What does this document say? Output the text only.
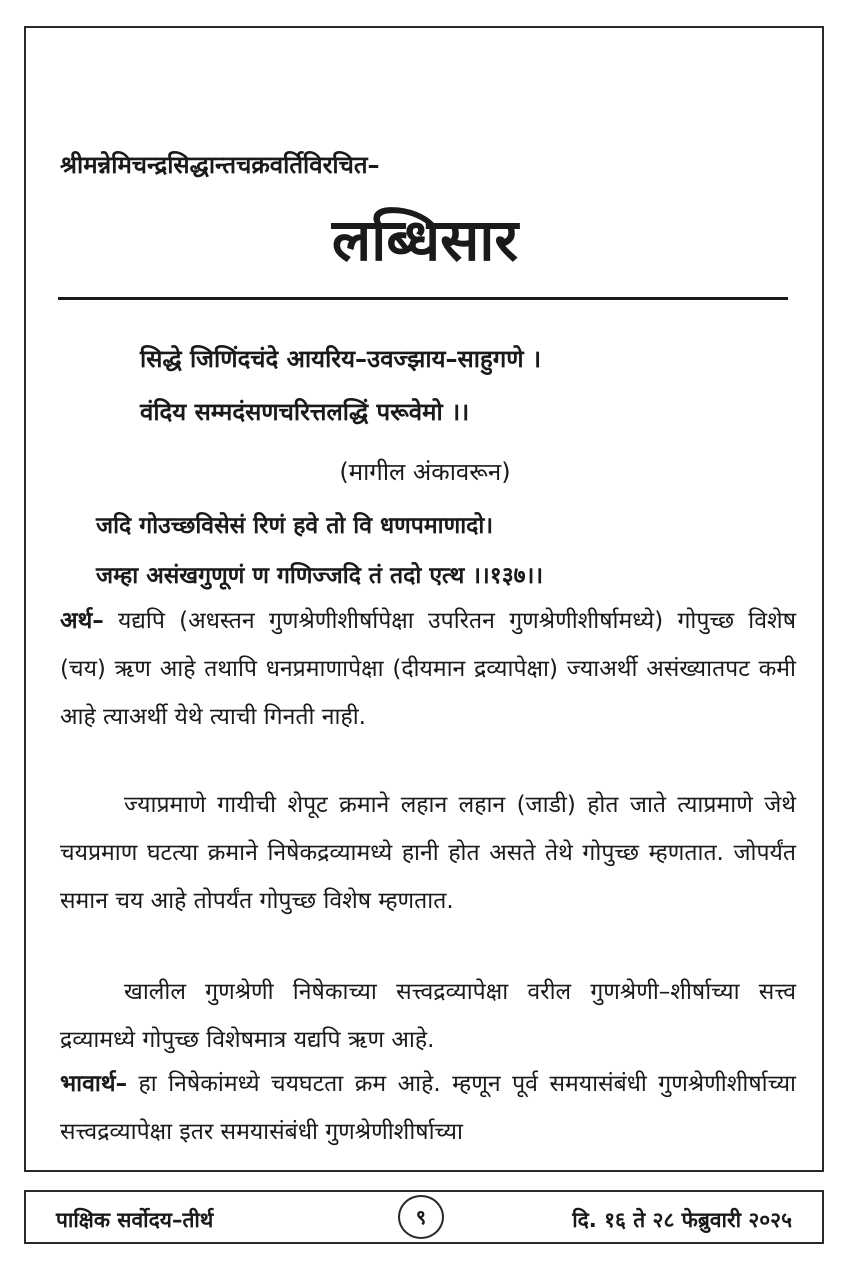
श्रीमन्नेमिचन्द्रसिद्धान्तचक्रवर्तिविरचित–
लब्धिसार
सिद्धे जिणिंदचंदे आयरिय–उवज्झाय–साहुगणे ।
वंदिय सम्मदंसणचरित्तलद्धिं परूवेमो ।।
(मागील अंकावरून)
जदि गोउच्छविसेसं रिणं हवे तो वि धणपमाणादो।
जम्हा असंखगुणूणं ण गणिज्जदि तं तदो एत्थ ।।१३७।।
अर्थ– यद्यपि (अधस्तन गुणश्रेणीशीर्षापेक्षा उपरितन गुणश्रेणीशीर्षामध्ये) गोपुच्छ विशेष (चय) ऋण आहे तथापि धनप्रमाणापेक्षा (दीयमान द्रव्यापेक्षा) ज्याअर्थी असंख्यातपट कमी आहे त्याअर्थी येथे त्याची गिनती नाही.
ज्याप्रमाणे गायीची शेपूट क्रमाने लहान लहान (जाडी) होत जाते त्याप्रमाणे जेथे चयप्रमाण घटत्या क्रमाने निषेकद्रव्यामध्ये हानी होत असते तेथे गोपुच्छ म्हणतात. जोपर्यंत समान चय आहे तोपर्यंत गोपुच्छ विशेष म्हणतात.
खालील गुणश्रेणी निषेकाच्या सत्त्वद्रव्यापेक्षा वरील गुणश्रेणी–शीर्षाच्या सत्त्व द्रव्यामध्ये गोपुच्छ विशेषमात्र यद्यपि ऋण आहे.
भावार्थ– हा निषेकांमध्ये चयघटता क्रम आहे. म्हणून पूर्व समयासंबंधी गुणश्रेणीशीर्षाच्या सत्त्वद्रव्यापेक्षा इतर समयासंबंधी गुणश्रेणीशीर्षाच्या
पाक्षिक सर्वोदय–तीर्थ	९	दि. १६ ते २८ फेब्रुवारी २०२५
